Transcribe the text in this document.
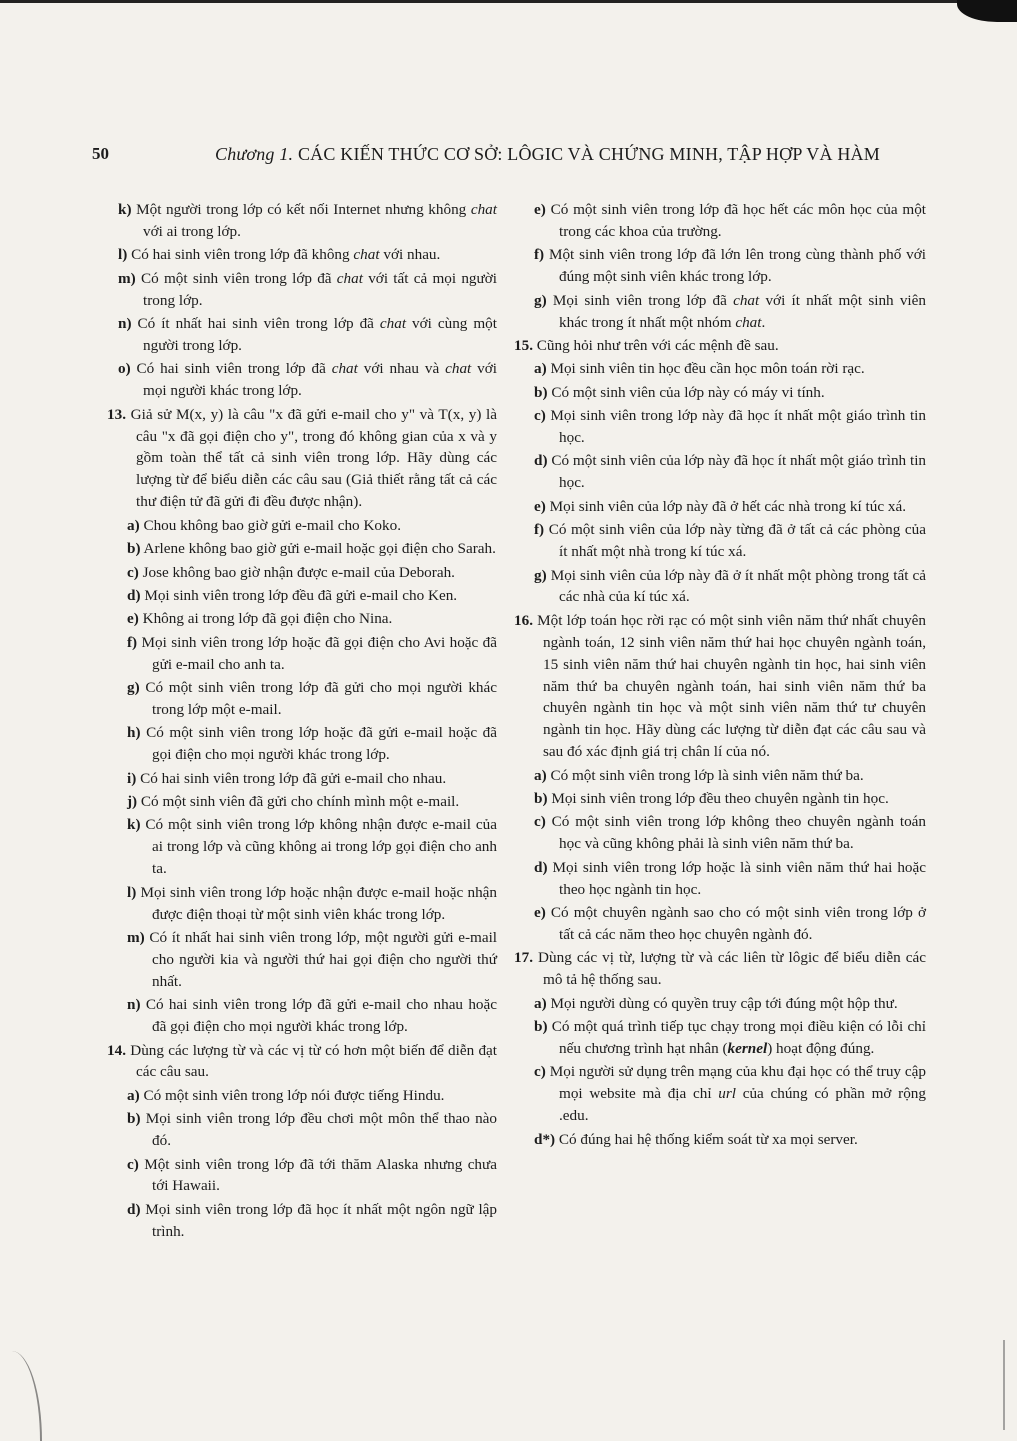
50	Chương 1. CÁC KIẾN THỨC CƠ SỞ: LÔGIC VÀ CHỨNG MINH, TẬP HỢP VÀ HÀM
k) Một người trong lớp có kết nối Internet nhưng không chat với ai trong lớp.
l) Có hai sinh viên trong lớp đã không chat với nhau.
m) Có một sinh viên trong lớp đã chat với tất cả mọi người trong lớp.
n) Có ít nhất hai sinh viên trong lớp đã chat với cùng một người trong lớp.
o) Có hai sinh viên trong lớp đã chat với nhau và chat với mọi người khác trong lớp.
13. Giả sử M(x, y) là câu "x đã gửi e-mail cho y" và T(x, y) là câu "x đã gọi điện cho y", trong đó không gian của x và y gồm toàn thể tất cả sinh viên trong lớp. Hãy dùng các lượng từ để biểu diễn các câu sau (Giả thiết rằng tất cả các thư điện tử đã gửi đi đều được nhận).
a) Chou không bao giờ gửi e-mail cho Koko.
b) Arlene không bao giờ gửi e-mail hoặc gọi điện cho Sarah.
c) Jose không bao giờ nhận được e-mail của Deborah.
d) Mọi sinh viên trong lớp đều đã gửi e-mail cho Ken.
e) Không ai trong lớp đã gọi điện cho Nina.
f) Mọi sinh viên trong lớp hoặc đã gọi điện cho Avi hoặc đã gửi e-mail cho anh ta.
g) Có một sinh viên trong lớp đã gửi cho mọi người khác trong lớp một e-mail.
h) Có một sinh viên trong lớp hoặc đã gửi e-mail hoặc đã gọi điện cho mọi người khác trong lớp.
i) Có hai sinh viên trong lớp đã gửi e-mail cho nhau.
j) Có một sinh viên đã gửi cho chính mình một e-mail.
k) Có một sinh viên trong lớp không nhận được e-mail của ai trong lớp và cũng không ai trong lớp gọi điện cho anh ta.
l) Mọi sinh viên trong lớp hoặc nhận được e-mail hoặc nhận được điện thoại từ một sinh viên khác trong lớp.
m) Có ít nhất hai sinh viên trong lớp, một người gửi e-mail cho người kia và người thứ hai gọi điện cho người thứ nhất.
n) Có hai sinh viên trong lớp đã gửi e-mail cho nhau hoặc đã gọi điện cho mọi người khác trong lớp.
14. Dùng các lượng từ và các vị từ có hơn một biến để diễn đạt các câu sau.
a) Có một sinh viên trong lớp nói được tiếng Hindu.
b) Mọi sinh viên trong lớp đều chơi một môn thể thao nào đó.
c) Một sinh viên trong lớp đã tới thăm Alaska nhưng chưa tới Hawaii.
d) Mọi sinh viên trong lớp đã học ít nhất một ngôn ngữ lập trình.
e) Có một sinh viên trong lớp đã học hết các môn học của một trong các khoa của trường.
f) Một sinh viên trong lớp đã lớn lên trong cùng thành phố với đúng một sinh viên khác trong lớp.
g) Mọi sinh viên trong lớp đã chat với ít nhất một sinh viên khác trong ít nhất một nhóm chat.
15. Cũng hỏi như trên với các mệnh đề sau.
a) Mọi sinh viên tin học đều cần học môn toán rời rạc.
b) Có một sinh viên của lớp này có máy vi tính.
c) Mọi sinh viên trong lớp này đã học ít nhất một giáo trình tin học.
d) Có một sinh viên của lớp này đã học ít nhất một giáo trình tin học.
e) Mọi sinh viên của lớp này đã ở hết các nhà trong kí túc xá.
f) Có một sinh viên của lớp này từng đã ở tất cả các phòng của ít nhất một nhà trong kí túc xá.
g) Mọi sinh viên của lớp này đã ở ít nhất một phòng trong tất cả các nhà của kí túc xá.
16. Một lớp toán học rời rạc có một sinh viên năm thứ nhất chuyên ngành toán, 12 sinh viên năm thứ hai học chuyên ngành toán, 15 sinh viên năm thứ hai chuyên ngành tin học, hai sinh viên năm thứ ba chuyên ngành toán, hai sinh viên năm thứ ba chuyên ngành tin học và một sinh viên năm thứ tư chuyên ngành tin học. Hãy dùng các lượng từ diễn đạt các câu sau và sau đó xác định giá trị chân lí của nó.
a) Có một sinh viên trong lớp là sinh viên năm thứ ba.
b) Mọi sinh viên trong lớp đều theo chuyên ngành tin học.
c) Có một sinh viên trong lớp không theo chuyên ngành toán học và cũng không phải là sinh viên năm thứ ba.
d) Mọi sinh viên trong lớp hoặc là sinh viên năm thứ hai hoặc theo học ngành tin học.
e) Có một chuyên ngành sao cho có một sinh viên trong lớp ở tất cả các năm theo học chuyên ngành đó.
17. Dùng các vị từ, lượng từ và các liên từ lôgic để biểu diễn các mô tả hệ thống sau.
a) Mọi người dùng có quyền truy cập tới đúng một hộp thư.
b) Có một quá trình tiếp tục chạy trong mọi điều kiện có lỗi chỉ nếu chương trình hạt nhân (kernel) hoạt động đúng.
c) Mọi người sử dụng trên mạng của khu đại học có thể truy cập mọi website mà địa chỉ url của chúng có phần mở rộng .edu.
d*) Có đúng hai hệ thống kiểm soát từ xa mọi server.
